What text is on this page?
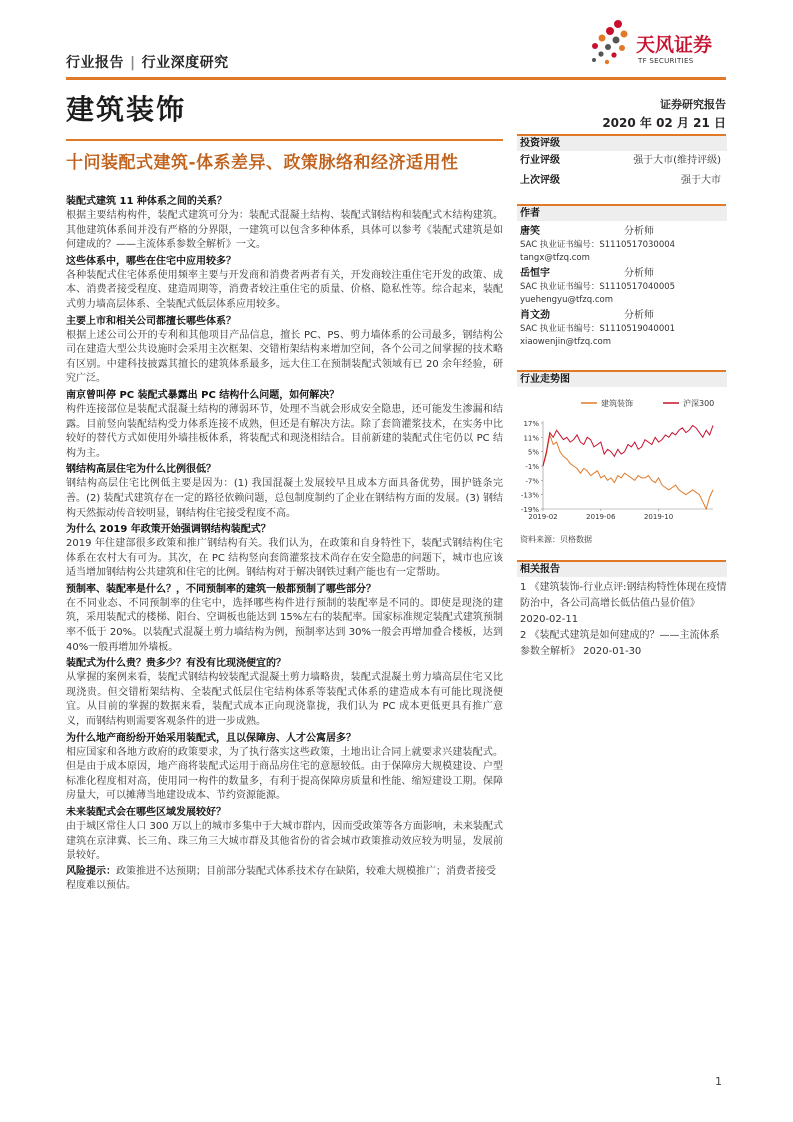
行业报告 | 行业深度研究
天风证券
TF SECURITIES
建筑装饰	证券研究报告
2020 年 02 月 21 日
十问装配式建筑-体系差异、政策脉络和经济适用性
装配式建筑 11 种体系之间的关系？

根据主要结构构件，装配式建筑可分为：装配式混凝土结构、装配式钢结构和装配式木结构建筑。其他建筑体系间并没有严格的分界限，一建筑可以包含多种体系，具体可以参考《装配式建筑是如何建成的？——主流体系参数全解析》一文。

这些体系中，哪些在住宅中应用较多？

各种装配式住宅体系使用频率主要与开发商和消费者两者有关，开发商较注重住宅开发的政策、成本、消费者接受程度、建造周期等，消费者较注重住宅的质量、价格、隐私性等。综合起来，装配式剪力墙高层体系、全装配式低层体系应用较多。

主要上市和相关公司都擅长哪些体系？

根据上述公司公开的专利和其他项目产品信息，擅长 PC、PS、剪力墙体系的公司最多，钢结构公司在建造大型公共设施时会采用主次框架、交错桁架结构来增加空间，各个公司之间掌握的技术略有区别。中建科技披露其擅长的建筑体系最多，远大住工在预制装配式领域有已 20 余年经验，研究广泛。

南京曾叫停 PC 装配式暴露出 PC 结构什么问题，如何解决？

构件连接部位是装配式混凝土结构的薄弱环节，处理不当就会形成安全隐患，还可能发生渗漏和结露。目前竖向装配结构受力体系连接不成熟，但还是有解决方法。除了套筒灌浆技术，在实务中比较好的替代方式如使用外墙挂板体系，将装配式和现浇相结合。目前新建的装配式住宅仍以 PC 结构为主。

钢结构高层住宅为什么比例很低？

钢结构高层住宅比例低主要是因为：(1) 我国混凝土发展较早且成本方面具备优势，围护链条完善。(2) 装配式建筑存在一定的路径依赖问题，总包制度制约了企业在钢结构方面的发展。(3) 钢结构天然振动传音较明显，钢结构住宅接受程度不高。

为什么 2019 年政策开始强调钢结构装配式？

2019 年住建部很多政策和推广钢结构有关。我们认为，在政策和自身特性下，装配式钢结构住宅体系在农村大有可为。其次，在 PC 结构竖向套筒灌浆技术尚存在安全隐患的问题下，城市也应该适当增加钢结构公共建筑和住宅的比例。钢结构对于解决钢铁过剩产能也有一定帮助。

预制率、装配率是什么？，不同预制率的建筑一般都预制了哪些部分？

在不同业态、不同预制率的住宅中，选择哪些构件进行预制的装配率是不同的。即使是现浇的建筑，采用装配式的楼梯、阳台、空调板也能达到 15%左右的装配率。国家标准规定装配式建筑预制率不低于 20%。以装配式混凝土剪力墙结构为例，预制率达到 30%一般会再增加叠合楼板，达到 40%一般再增加外墙板。

装配式为什么贵？贵多少？有没有比现浇便宜的？

从掌握的案例来看，装配式钢结构较装配式混凝土剪力墙略贵，装配式混凝土剪力墙高层住宅又比现浇贵。但交错桁架结构、全装配式低层住宅结构体系等装配式体系的建造成本有可能比现浇便宜。从目前的掌握的数据来看，装配式成本正向现浇靠拢，我们认为 PC 成本更低更具有推广意义，而钢结构则需要客观条件的进一步成熟。

为什么地产商纷纷开始采用装配式，且以保障房、人才公寓居多？

相应国家和各地方政府的政策要求，为了执行落实这些政策，土地出让合同上就要求兴建装配式。但是由于成本原因，地产商将装配式运用于商品房住宅的意愿较低。由于保障房大规模建设、户型标准化程度相对高，使用同一构件的数量多，有利于提高保障房质量和性能、缩短建设工期。保障房量大，可以摊薄当地建设成本、节约资源能源。

未来装配式会在哪些区域发展较好？

由于城区常住人口 300 万以上的城市多集中于大城市群内，因而受政策等各方面影响，未来装配式建筑在京津冀、长三角、珠三角三大城市群及其他省份的省会城市政策推动效应较为明显，发展前景较好。

风险提示：政策推进不达预期；目前部分装配式体系技术存在缺陷，较难大规模推广；消费者接受程度难以预估。
投资评级
行业评级	强于大市(维持评级)
上次评级	强于大市
作者
唐笑	分析师
SAC 执业证书编号：S1110517030004
tangx@tfzq.com
岳恒宇	分析师
SAC 执业证书编号：S1110517040005
yuehengyu@tfzq.com
肖文劲	分析师
SAC 执业证书编号：S1110519040001
xiaowenjin@tfzq.com
行业走势图
建筑装饰	沪深300
17%
11%
5%
-1%
-7%
-13%
-19%
2019-02	2019-06	2019-10
资料来源：贝格数据
相关报告
1 《建筑装饰-行业点评:钢结构特性体现在疫情防治中，各公司高增长低估值凸显价值》 2020-02-11
2 《装配式建筑是如何建成的？——主流体系参数全解析》 2020-01-30
1
